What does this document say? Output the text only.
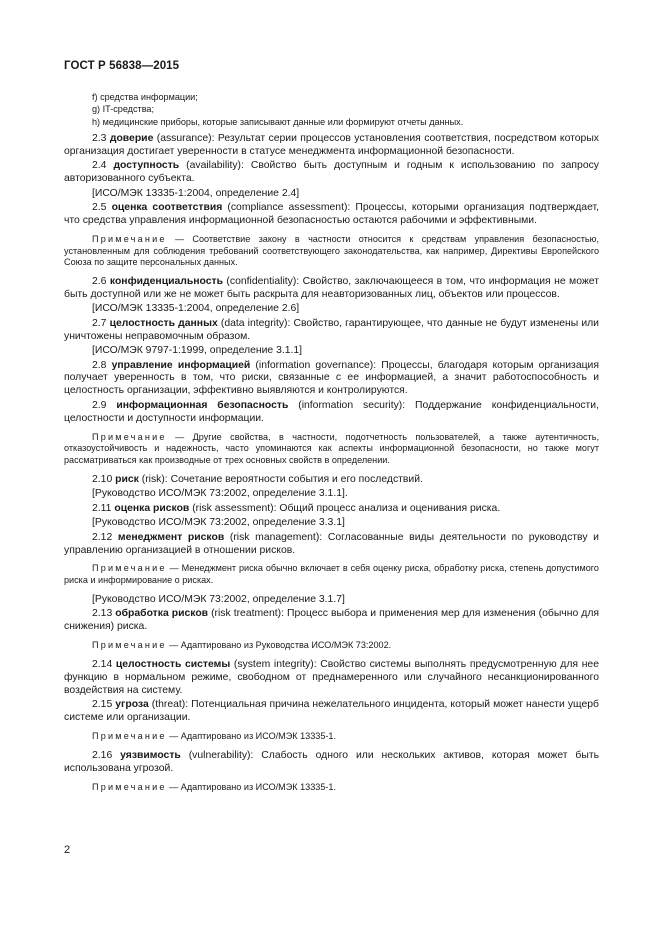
ГОСТ Р 56838—2015

f) средства информации;

g) IT-средства;

h) медицинские приборы, которые записывают данные или формируют отчеты данных.

2.3 доверие (assurance): Результат серии процессов установления соответствия, посредством которых организация достигает уверенности в статусе менеджмента информационной безопасности.

2.4 доступность (availability): Свойство быть доступным и годным к использованию по запросу авторизованного субъекта.

[ИСО/МЭК 13335-1:2004, определение 2.4]

2.5 оценка соответствия (compliance assessment): Процессы, которыми организация подтверждает, что средства управления информационной безопасностью остаются рабочими и эффективными.

Примечание — Соответствие закону в частности относится к средствам управления безопасностью, установленным для соблюдения требований соответствующего законодательства, как например, Директивы Европейского Союза по защите персональных данных.

2.6 конфиденциальность (confidentiality): Свойство, заключающееся в том, что информация не может быть доступной или же не может быть раскрыта для неавторизованных лиц, объектов или процессов.

[ИСО/МЭК 13335-1:2004, определение 2.6]

2.7 целостность данных (data integrity): Свойство, гарантирующее, что данные не будут изменены или уничтожены неправомочным образом.

[ИСО/МЭК 9797-1:1999, определение 3.1.1]

2.8 управление информацией (information governance): Процессы, благодаря которым организация получает уверенность в том, что риски, связанные с ее информацией, а значит работоспособность и целостность организации, эффективно выявляются и контролируются.

2.9 информационная безопасность (information security): Поддержание конфиденциальности, целостности и доступности информации.

Примечание — Другие свойства, в частности, подотчетность пользователей, а также аутентичность, отказоустойчивость и надежность, часто упоминаются как аспекты информационной безопасности, но также могут рассматриваться как производные от трех основных свойств в определении.

2.10 риск (risk): Сочетание вероятности события и его последствий.

[Руководство ИСО/МЭК 73:2002, определение 3.1.1].

2.11 оценка рисков (risk assessment): Общий процесс анализа и оценивания риска.

[Руководство ИСО/МЭК 73:2002, определение 3.3.1]

2.12 менеджмент рисков (risk management): Согласованные виды деятельности по руководству и управлению организацией в отношении рисков.

Примечание — Менеджмент риска обычно включает в себя оценку риска, обработку риска, степень допустимого риска и информирование о рисках.

[Руководство ИСО/МЭК 73:2002, определение 3.1.7]

2.13 обработка рисков (risk treatment): Процесс выбора и применения мер для изменения (обычно для снижения) риска.

Примечание — Адаптировано из Руководства ИСО/МЭК 73:2002.

2.14 целостность системы (system integrity): Свойство системы выполнять предусмотренную для нее функцию в нормальном режиме, свободном от преднамеренного или случайного несанкционированного воздействия на систему.

2.15 угроза (threat): Потенциальная причина нежелательного инцидента, который может нанести ущерб системе или организации.

Примечание — Адаптировано из ИСО/МЭК 13335-1.

2.16 уязвимость (vulnerability): Слабость одного или нескольких активов, которая может быть использована угрозой.

Примечание — Адаптировано из ИСО/МЭК 13335-1.

2
